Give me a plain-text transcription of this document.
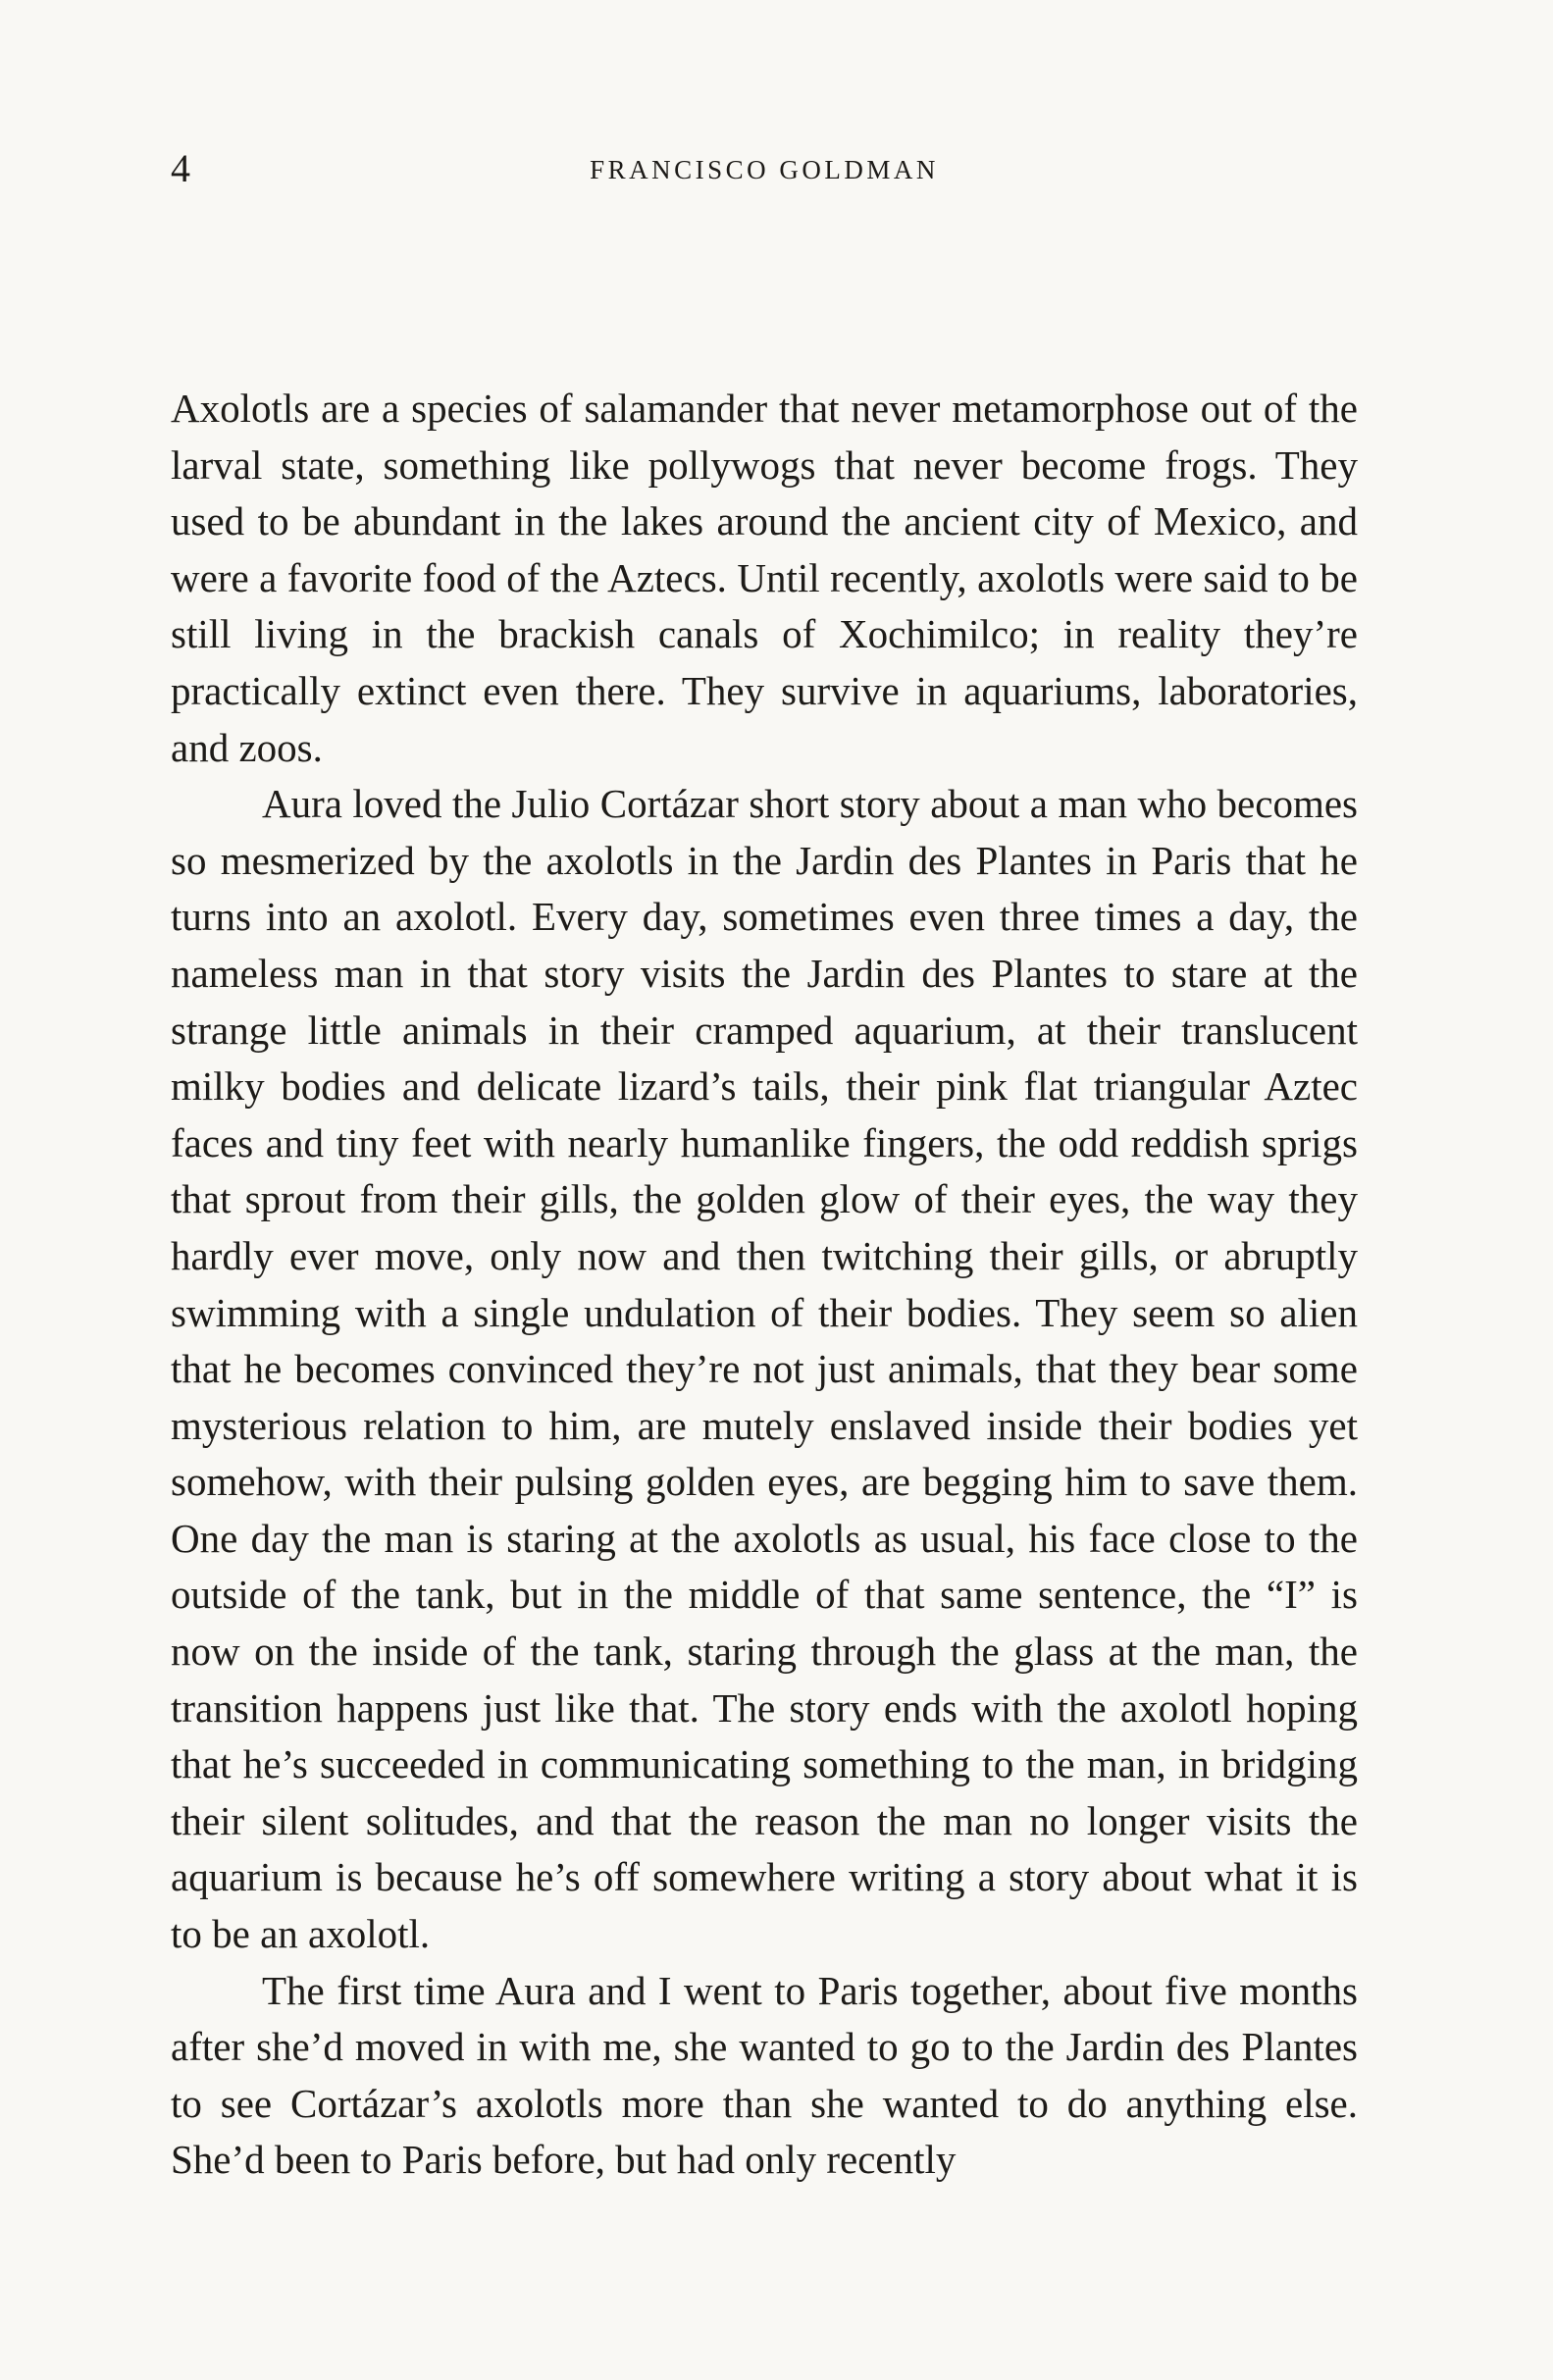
4	FRANCISCO GOLDMAN

Axolotls are a species of salamander that never metamorphose out of the larval state, something like pollywogs that never become frogs. They used to be abundant in the lakes around the ancient city of Mexico, and were a favorite food of the Aztecs. Until recently, axolotls were said to be still living in the brackish canals of Xochimilco; in reality they’re practically extinct even there. They survive in aquariums, laboratories, and zoos.

Aura loved the Julio Cortázar short story about a man who becomes so mesmerized by the axolotls in the Jardin des Plantes in Paris that he turns into an axolotl. Every day, sometimes even three times a day, the nameless man in that story visits the Jardin des Plantes to stare at the strange little animals in their cramped aquarium, at their translucent milky bodies and delicate lizard’s tails, their pink flat triangular Aztec faces and tiny feet with nearly humanlike fingers, the odd reddish sprigs that sprout from their gills, the golden glow of their eyes, the way they hardly ever move, only now and then twitching their gills, or abruptly swimming with a single undulation of their bodies. They seem so alien that he becomes convinced they’re not just animals, that they bear some mysterious relation to him, are mutely enslaved inside their bodies yet somehow, with their pulsing golden eyes, are begging him to save them. One day the man is staring at the axolotls as usual, his face close to the outside of the tank, but in the middle of that same sentence, the “I” is now on the inside of the tank, staring through the glass at the man, the transition happens just like that. The story ends with the axolotl hoping that he’s succeeded in communicating something to the man, in bridging their silent solitudes, and that the reason the man no longer visits the aquarium is because he’s off somewhere writing a story about what it is to be an axolotl.

The first time Aura and I went to Paris together, about five months after she’d moved in with me, she wanted to go to the Jardin des Plantes to see Cortázar’s axolotls more than she wanted to do anything else. She’d been to Paris before, but had only recently
